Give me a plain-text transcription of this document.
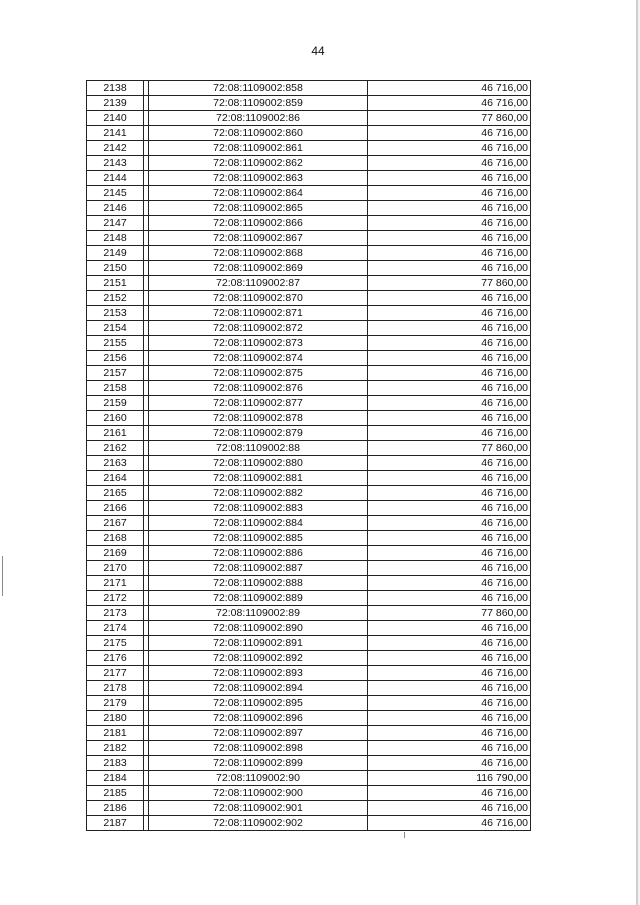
44
2138		72:08:1109002:858	46 716,00
2139		72:08:1109002:859	46 716,00
2140		72:08:1109002:86	77 860,00
2141		72:08:1109002:860	46 716,00
2142		72:08:1109002:861	46 716,00
2143		72:08:1109002:862	46 716,00
2144		72:08:1109002:863	46 716,00
2145		72:08:1109002:864	46 716,00
2146		72:08:1109002:865	46 716,00
2147		72:08:1109002:866	46 716,00
2148		72:08:1109002:867	46 716,00
2149		72:08:1109002:868	46 716,00
2150		72:08:1109002:869	46 716,00
2151		72:08:1109002:87	77 860,00
2152		72:08:1109002:870	46 716,00
2153		72:08:1109002:871	46 716,00
2154		72:08:1109002:872	46 716,00
2155		72:08:1109002:873	46 716,00
2156		72:08:1109002:874	46 716,00
2157		72:08:1109002:875	46 716,00
2158		72:08:1109002:876	46 716,00
2159		72:08:1109002:877	46 716,00
2160		72:08:1109002:878	46 716,00
2161		72:08:1109002:879	46 716,00
2162		72:08:1109002:88	77 860,00
2163		72:08:1109002:880	46 716,00
2164		72:08:1109002:881	46 716,00
2165		72:08:1109002:882	46 716,00
2166		72:08:1109002:883	46 716,00
2167		72:08:1109002:884	46 716,00
2168		72:08:1109002:885	46 716,00
2169		72:08:1109002:886	46 716,00
2170		72:08:1109002:887	46 716,00
2171		72:08:1109002:888	46 716,00
2172		72:08:1109002:889	46 716,00
2173		72:08:1109002:89	77 860,00
2174		72:08:1109002:890	46 716,00
2175		72:08:1109002:891	46 716,00
2176		72:08:1109002:892	46 716,00
2177		72:08:1109002:893	46 716,00
2178		72:08:1109002:894	46 716,00
2179		72:08:1109002:895	46 716,00
2180		72:08:1109002:896	46 716,00
2181		72:08:1109002:897	46 716,00
2182		72:08:1109002:898	46 716,00
2183		72:08:1109002:899	46 716,00
2184		72:08:1109002:90	116 790,00
2185		72:08:1109002:900	46 716,00
2186		72:08:1109002:901	46 716,00
2187		72:08:1109002:902	46 716,00
